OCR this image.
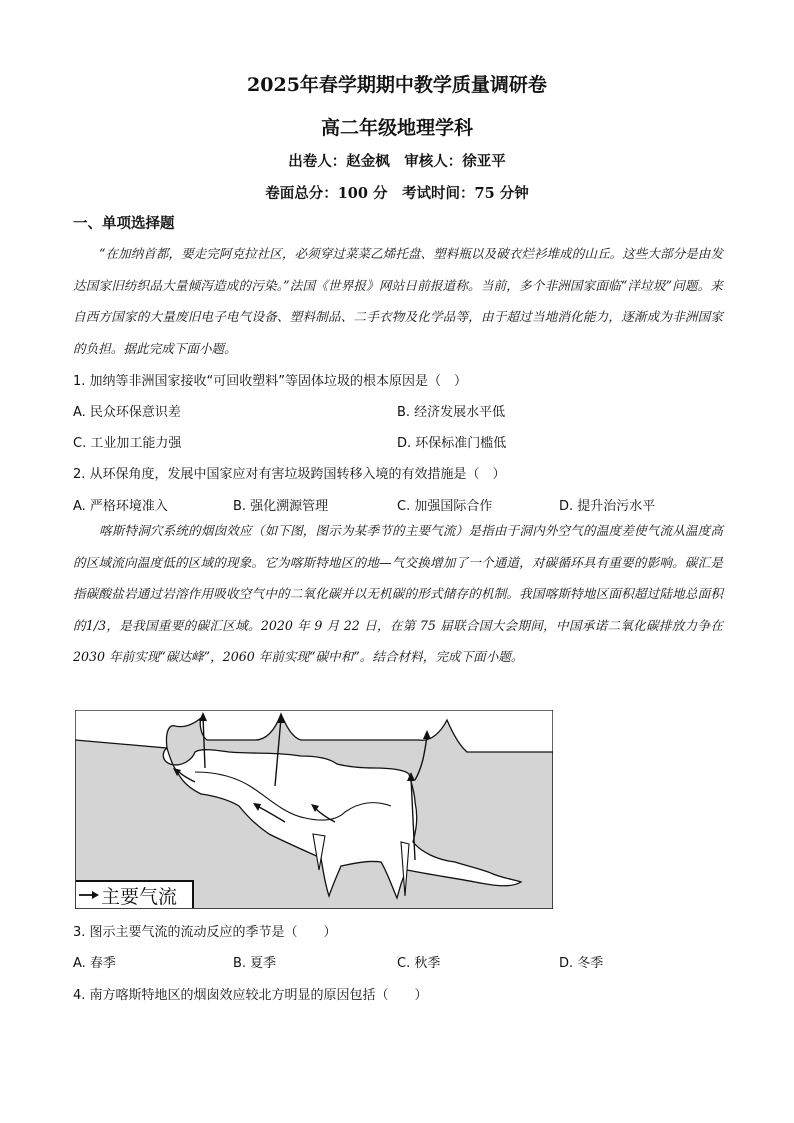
2025年春学期期中教学质量调研卷
高二年级地理学科
出卷人：赵金枫　审核人：徐亚平
卷面总分：100 分　考试时间：75 分钟
一、单项选择题
“在加纳首都，要走完阿克拉社区，必须穿过菜菜乙烯托盘、塑料瓶以及破衣烂衫堆成的山丘。这些大部分是由发达国家旧纺织品大量倾泻造成的污染。”法国《世界报》网站日前报道称。当前，多个非洲国家面临“洋垃圾”问题。来自西方国家的大量废旧电子电气设备、塑料制品、二手衣物及化学品等，由于超过当地消化能力，逐渐成为非洲国家的负担。据此完成下面小题。
1. 加纳等非洲国家接收“可回收塑料”等固体垃圾的根本原因是（　）
A. 民众环保意识差	B. 经济发展水平低
C. 工业加工能力强	D. 环保标准门槛低
2. 从环保角度，发展中国家应对有害垃圾跨国转移入境的有效措施是（　）
A. 严格环境准入	B. 强化溯源管理	C. 加强国际合作	D. 提升治污水平
喀斯特洞穴系统的烟囱效应（如下图，图示为某季节的主要气流）是指由于洞内外空气的温度差使气流从温度高的区域流向温度低的区域的现象。它为喀斯特地区的地—气交换增加了一个通道，对碳循环具有重要的影响。碳汇是指碳酸盐岩通过岩溶作用吸收空气中的二氧化碳并以无机碳的形式储存的机制。我国喀斯特地区面积超过陆地总面积的1/3，是我国重要的碳汇区域。2020 年 9 月 22 日，在第 75 届联合国大会期间，中国承诺二氧化碳排放力争在 2030 年前实现“碳达峰”，2060 年前实现“碳中和”。结合材料，完成下面小题。
主要气流
3. 图示主要气流的流动反应的季节是（　　）
A. 春季	B. 夏季	C. 秋季	D. 冬季
4. 南方喀斯特地区的烟囱效应较北方明显的原因包括（　　）
